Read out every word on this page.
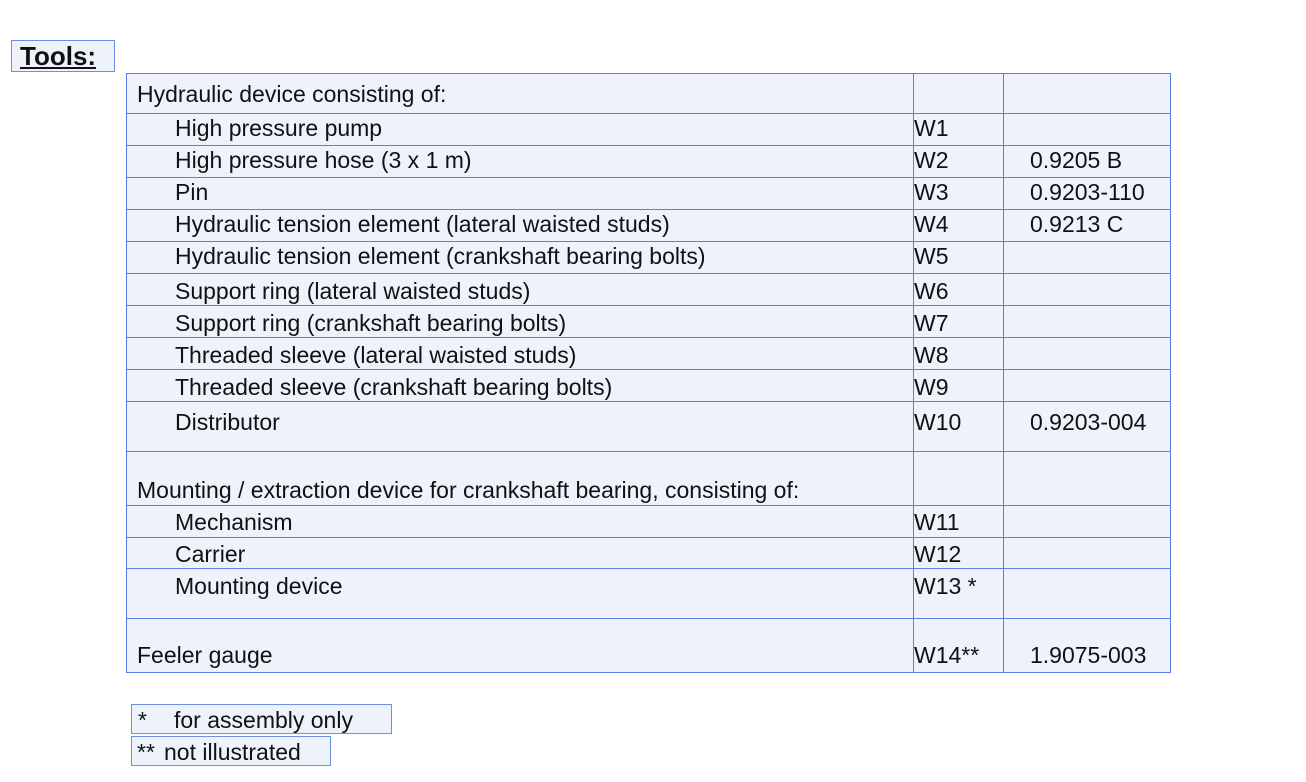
Tools:
Hydraulic device consisting of:
High pressure pump	W1
High pressure hose (3 x 1 m)	W2	0.9205 B
Pin	W3	0.9203-110
Hydraulic tension element (lateral waisted studs)	W4	0.9213 C
Hydraulic tension element (crankshaft bearing bolts)	W5
Support ring (lateral waisted studs)	W6
Support ring (crankshaft bearing bolts)	W7
Threaded sleeve (lateral waisted studs)	W8
Threaded sleeve (crankshaft bearing bolts)	W9
Distributor	W10	0.9203-004
Mounting / extraction device for crankshaft bearing, consisting of:
Mechanism	W11
Carrier	W12
Mounting device	W13 *
Feeler gauge	W14** 1.9075-003
* for assembly only
** not illustrated
